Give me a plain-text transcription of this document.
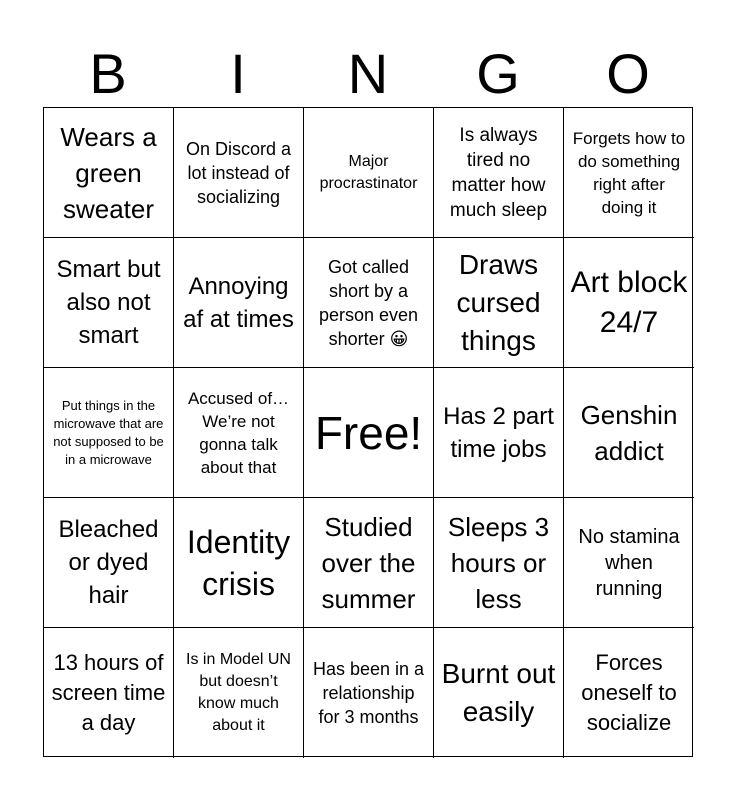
B	I	N	G	O
Wears a green sweater
On Discord a lot instead of socializing
Major procrastinator
Is always tired no matter how much sleep
Forgets how to do something right after doing it
Smart but also not smart
Annoying af at times
Got called short by a person even shorter 😀
Draws cursed things
Art block 24/7
Put things in the microwave that are not supposed to be in a microwave
Accused of… We’re not gonna talk about that
Free! Has 2 part time jobs
Genshin addict
Bleached or dyed hair
Identity crisis
Studied over the summer
Sleeps 3 hours or less
No stamina when running
13 hours of screen time a day
Is in Model UN but doesn’t know much about it
Has been in a relationship for 3 months
Burnt out easily
Forces oneself to socialize
